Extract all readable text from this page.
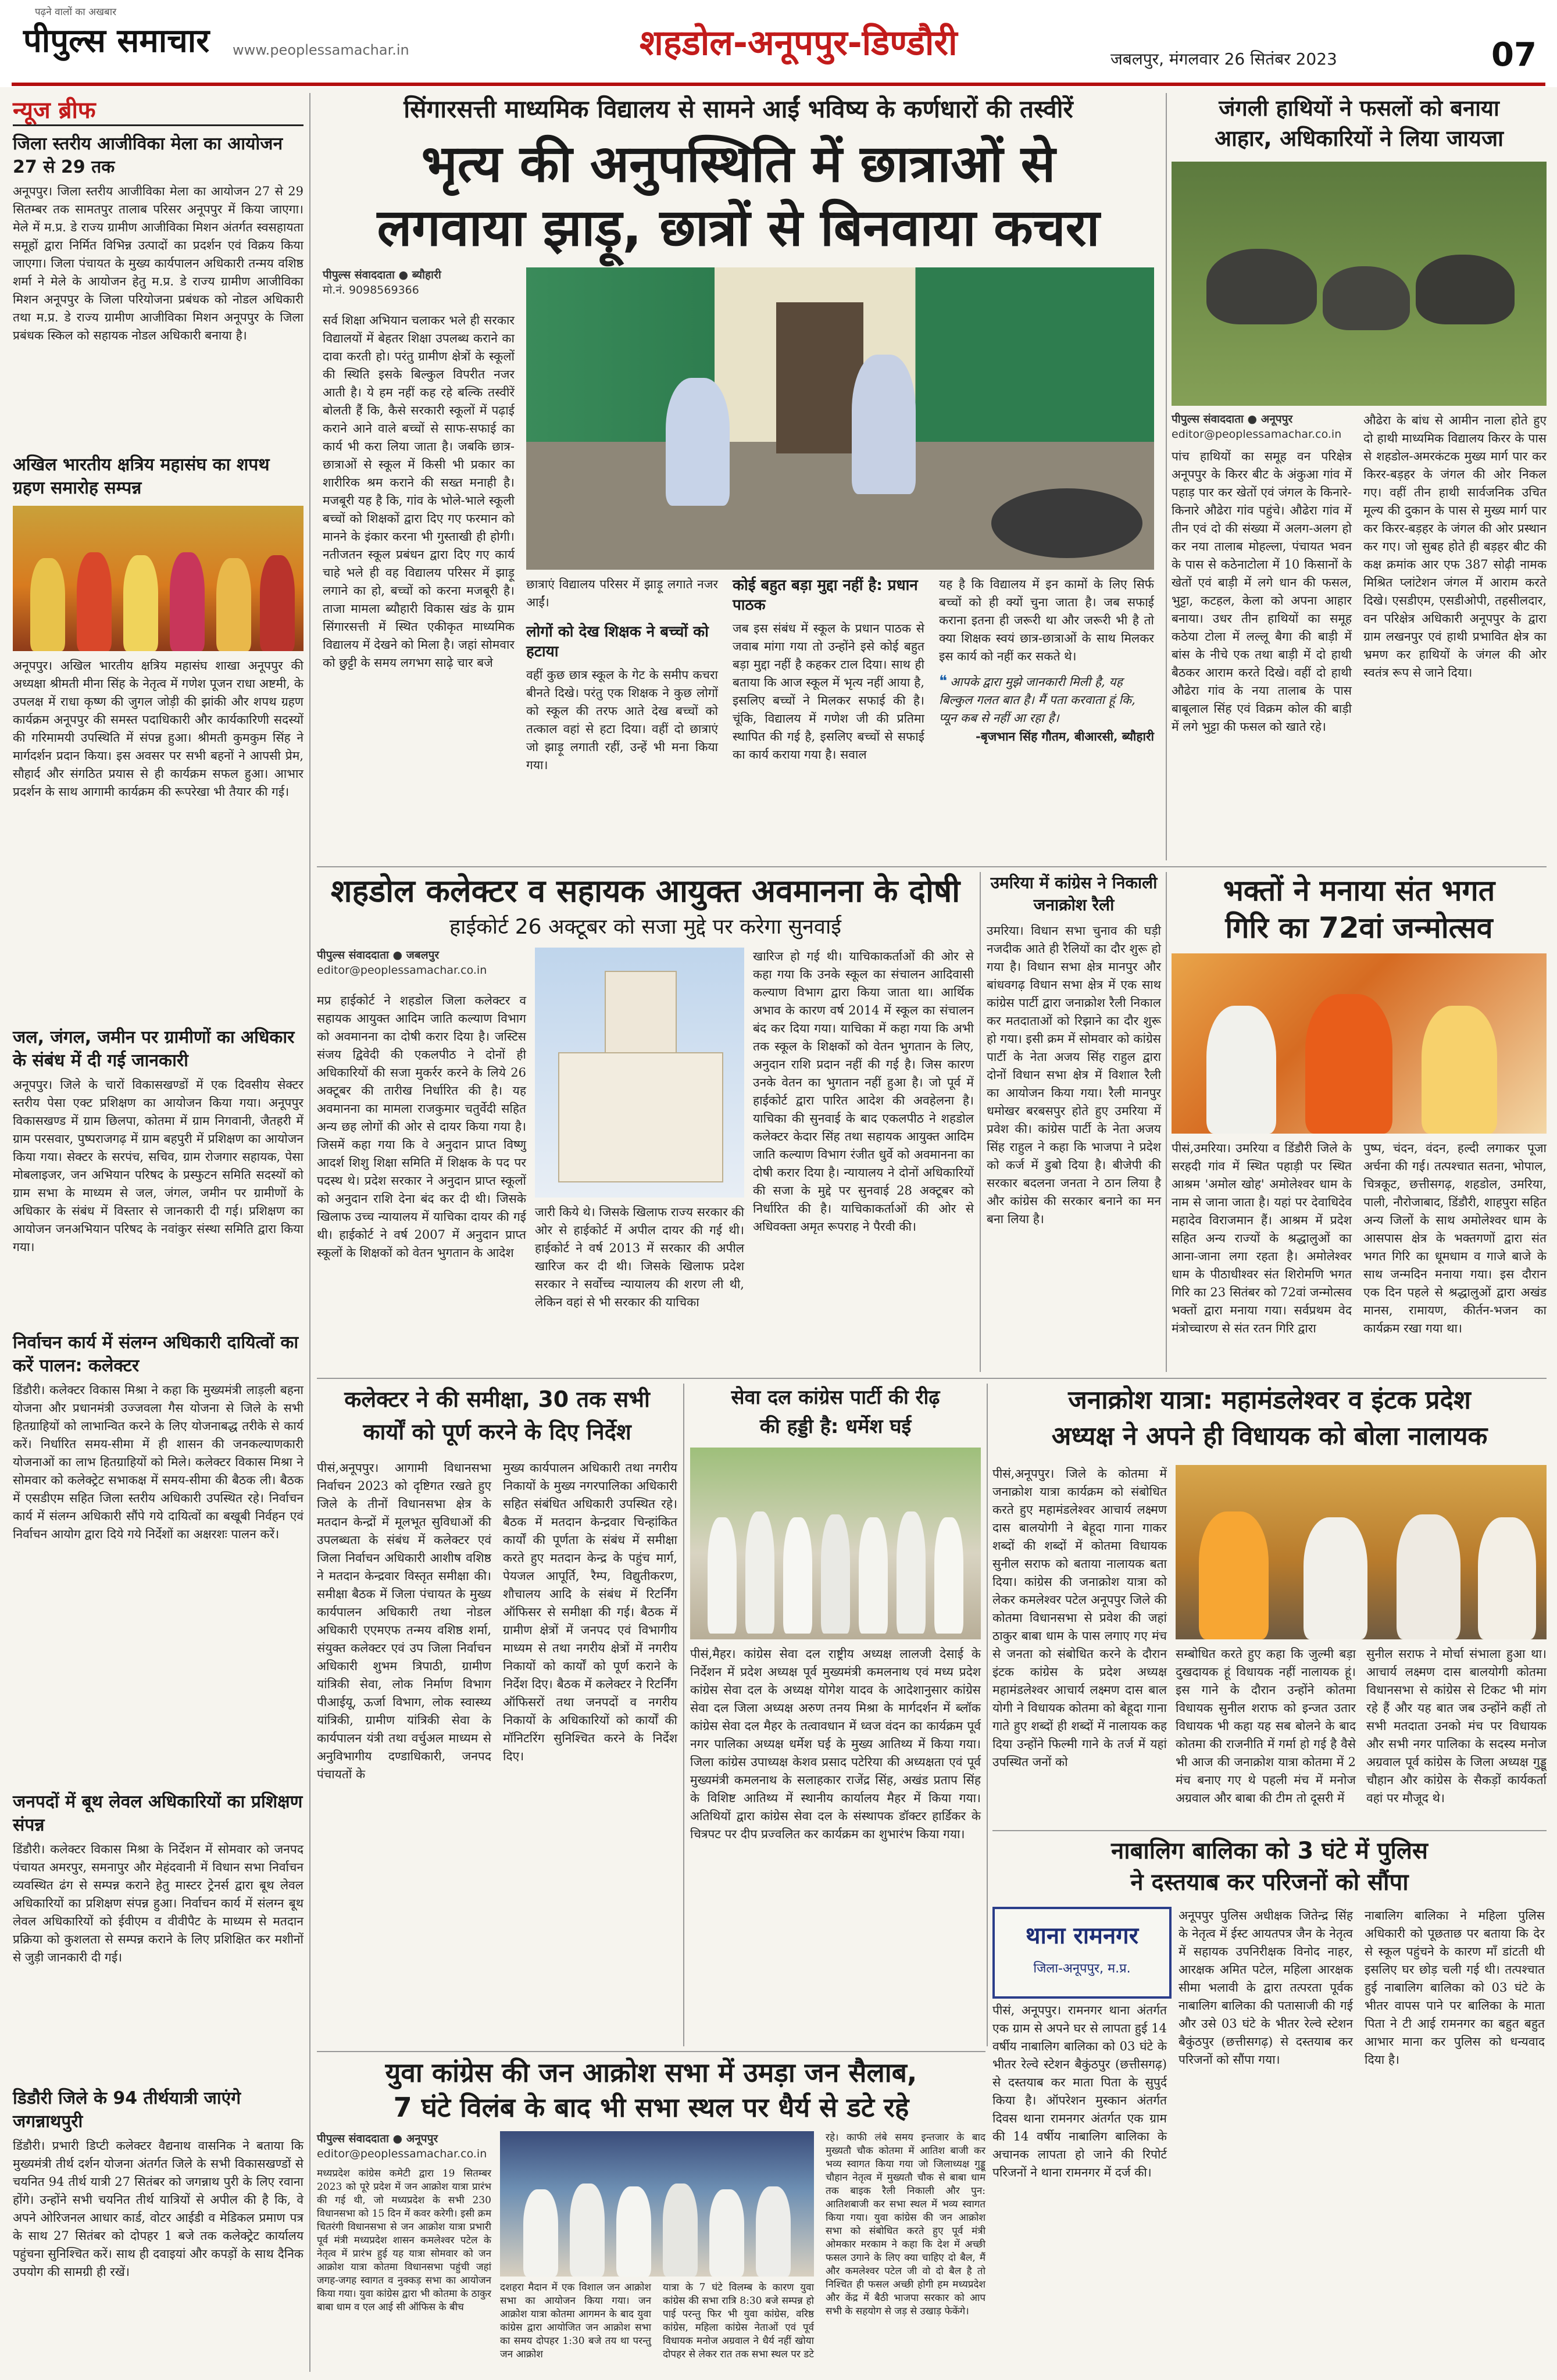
पढ़ने वालों का अखबार
पीपुल्स समाचार www.peoplessamachar.in	शहडोल-अनूपपुर-डिण्डौरी	जबलपुर, मंगलवार 26 सितंबर 2023	07
न्यूज ब्रीफ

जिला स्तरीय आजीविका मेला का आयोजन 27 से 29 तक

अनूपपुर। जिला स्तरीय आजीविका मेला का आयोजन 27 से 29 सितम्बर तक सामतपुर तालाब परिसर अनूपपुर में किया जाएगा। मेले में म.प्र. डे राज्य ग्रामीण आजीविका मिशन अंतर्गत स्वसहायता समूहों द्वारा निर्मित विभिन्न उत्पादों का प्रदर्शन एवं विक्रय किया जाएगा। जिला पंचायत के मुख्य कार्यपालन अधिकारी तन्मय वशिष्ठ शर्मा ने मेले के आयोजन हेतु म.प्र. डे राज्य ग्रामीण आजीविका मिशन अनूपपुर के जिला परियोजना प्रबंधक को नोडल अधिकारी तथा म.प्र. डे राज्य ग्रामीण आजीविका मिशन अनूपपुर के जिला प्रबंधक स्किल को सहायक नोडल अधिकारी बनाया है।

अखिल भारतीय क्षत्रिय महासंघ का शपथ ग्रहण समारोह सम्पन्न

अनूपपुर। अखिल भारतीय क्षत्रिय महासंघ शाखा अनूपपुर की अध्यक्षा श्रीमती मीना सिंह के नेतृत्व में गणेश पूजन राधा अष्टमी, के उपलक्ष में राधा कृष्ण की जुगल जोड़ी की झांकी और शपथ ग्रहण कार्यक्रम अनूपपुर की समस्त पदाधिकारी और कार्यकारिणी सदस्यों की गरिमामयी उपस्थिति में संपन्न हुआ। श्रीमती कुमकुम सिंह ने मार्गदर्शन प्रदान किया। इस अवसर पर सभी बहनों ने आपसी प्रेम, सौहार्द और संगठित प्रयास से ही कार्यक्रम सफल हुआ। आभार प्रदर्शन के साथ आगामी कार्यक्रम की रूपरेखा भी तैयार की गई।

जल, जंगल, जमीन पर ग्रामीणों का अधिकार के संबंध में दी गई जानकारी

अनूपपुर। जिले के चारों विकासखण्डों में एक दिवसीय सेक्टर स्तरीय पेसा एक्ट प्रशिक्षण का आयोजन किया गया। अनूपपुर विकासखण्ड में ग्राम छिलपा, कोतमा में ग्राम निगवानी, जैतहरी में ग्राम परसवार, पुष्पराजगढ़ में ग्राम बहपुरी में प्रशिक्षण का आयोजन किया गया। सेक्टर के सरपंच, सचिव, ग्राम रोजगार सहायक, पेसा मोबलाइजर, जन अभियान परिषद के प्रस्फुटन समिति सदस्यों को ग्राम सभा के माध्यम से जल, जंगल, जमीन पर ग्रामीणों के अधिकार के संबंध में विस्तार से जानकारी दी गई। प्रशिक्षण का आयोजन जनअभियान परिषद के नवांकुर संस्था समिति द्वारा किया गया।

निर्वाचन कार्य में संलग्न अधिकारी दायित्वों का करें पालन: कलेक्टर

डिंडौरी। कलेक्टर विकास मिश्रा ने कहा कि मुख्यमंत्री लाड़ली बहना योजना और प्रधानमंत्री उज्जवला गैस योजना से जिले के सभी हितग्राहियों को लाभान्वित करने के लिए योजनाबद्ध तरीके से कार्य करें। निर्धारित समय-सीमा में ही शासन की जनकल्याणकारी योजनाओं का लाभ हितग्राहियों को मिले। कलेक्टर विकास मिश्रा ने सोमवार को कलेक्ट्रेट सभाकक्ष में समय-सीमा की बैठक ली। बैठक में एसडीएम सहित जिला स्तरीय अधिकारी उपस्थित रहे। निर्वाचन कार्य में संलग्न अधिकारी सौंपे गये दायित्वों का बखूबी निर्वहन एवं निर्वाचन आयोग द्वारा दिये गये निर्देशों का अक्षरशः पालन करें।

जनपदों में बूथ लेवल अधिकारियों का प्रशिक्षण संपन्न

डिंडौरी। कलेक्टर विकास मिश्रा के निर्देशन में सोमवार को जनपद पंचायत अमरपुर, समनापुर और मेहंदवानी में विधान सभा निर्वाचन व्यवस्थित ढंग से सम्पन्न कराने हेतु मास्टर ट्रेनर्स द्वारा बूथ लेवल अधिकारियों का प्रशिक्षण संपन्न हुआ। निर्वाचन कार्य में संलग्न बूथ लेवल अधिकारियों को ईवीएम व वीवीपैट के माध्यम से मतदान प्रक्रिया को कुशलता से सम्पन्न कराने के लिए प्रशिक्षित कर मशीनों से जुड़ी जानकारी दी गई।

डिडौरी जिले के 94 तीर्थयात्री जाएंगे जगन्नाथपुरी

डिंडौरी। प्रभारी डिप्टी कलेक्टर वैद्यनाथ वासनिक ने बताया कि मुख्यमंत्री तीर्थ दर्शन योजना अंतर्गत जिले के सभी विकासखण्डों से चयनित 94 तीर्थ यात्री 27 सितंबर को जगन्नाथ पुरी के लिए रवाना होंगे। उन्होंने सभी चयनित तीर्थ यात्रियों से अपील की है कि, वे अपने ओरिजनल आधार कार्ड, वोटर आईडी व मेडिकल प्रमाण पत्र के साथ 27 सितंबर को दोपहर 1 बजे तक कलेक्ट्रेट कार्यालय पहुंचना सुनिश्चित करें। साथ ही दवाइयां और कपड़ों के साथ दैनिक उपयोग की सामग्री ही रखें।

सिंगारसत्ती माध्यमिक विद्यालय से सामने आईं भविष्य के कर्णधारों की तस्वीरें

भृत्य की अनुपस्थिति में छात्राओं से

लगवाया झाड़ू, छात्रों से बिनवाया कचरा

पीपुल्स संवाददाता ● ब्यौहारी
मो.नं. 9098569366

सर्व शिक्षा अभियान चलाकर भले ही सरकार विद्यालयों में बेहतर शिक्षा उपलब्ध कराने का दावा करती हो। परंतु ग्रामीण क्षेत्रों के स्कूलों की स्थिति इसके बिल्कुल विपरीत नजर आती है। ये हम नहीं कह रहे बल्कि तस्वीरें बोलती हैं कि, कैसे सरकारी स्कूलों में पढ़ाई कराने आने वाले बच्चों से साफ-सफाई का कार्य भी करा लिया जाता है। जबकि छात्र-छात्राओं से स्कूल में किसी भी प्रकार का शारीरिक श्रम कराने की सख्त मनाही है। मजबूरी यह है कि, गांव के भोले-भाले स्कूली बच्चों को शिक्षकों द्वारा दिए गए फरमान को मानने के इंकार करना भी गुस्ताखी ही होगी। नतीजतन स्कूल प्रबंधन द्वारा दिए गए कार्य चाहे भले ही वह विद्यालय परिसर में झाड़ू लगाने का हो, बच्चों को करना मजबूरी है। ताजा मामला ब्यौहारी विकास खंड के ग्राम सिंगारसत्ती में स्थित एकीकृत माध्यमिक विद्यालय में देखने को मिला है। जहां सोमवार को छुट्टी के समय लगभग साढ़े चार बजे

छात्राएं विद्यालय परिसर में झाड़ू लगाते नजर आईं।

लोगों को देख शिक्षक ने बच्चों को हटाया

वहीं कुछ छात्र स्कूल के गेट के समीप कचरा बीनते दिखे। परंतु एक शिक्षक ने कुछ लोगों को स्कूल की तरफ आते देख बच्चों को तत्काल वहां से हटा दिया। वहीं दो छात्राएं जो झाड़ू लगाती रहीं, उन्हें भी मना किया गया।

कोई बहुत बड़ा मुद्दा नहीं है: प्रधान पाठक

जब इस संबंध में स्कूल के प्रधान पाठक से जवाब मांगा गया तो उन्होंने इसे कोई बहुत बड़ा मुद्दा नहीं है कहकर टाल दिया। साथ ही बताया कि आज स्कूल में भृत्य नहीं आया है, इसलिए बच्चों ने मिलकर सफाई की है। चूंकि, विद्यालय में गणेश जी की प्रतिमा स्थापित की गई है, इसलिए बच्चों से सफाई का कार्य कराया गया है। सवाल

यह है कि विद्यालय में इन कामों के लिए सिर्फ बच्चों को ही क्यों चुना जाता है। जब सफाई कराना इतना ही जरूरी था और जरूरी भी है तो क्या शिक्षक स्वयं छात्र-छात्राओं के साथ मिलकर इस कार्य को नहीं कर सकते थे।

❝ आपके द्वारा मुझे जानकारी मिली है, यह बिल्कुल गलत बात है। मैं पता करवाता हूं कि, प्यून कब से नहीं आ रहा है।

-बृजभान सिंह गौतम, बीआरसी, ब्यौहारी

जंगली हाथियों ने फसलों को बनाया

आहार, अधिकारियों ने लिया जायजा

पीपुल्स संवाददाता ● अनूपपुर
editor@peoplessamachar.co.in

पांच हाथियों का समूह वन परिक्षेत्र अनूपपुर के किरर बीट के अंकुआ गांव में पहाड़ पार कर खेतों एवं जंगल के किनारे-किनारे औढेरा गांव पहुंचे। औढेरा गांव में तीन एवं दो की संख्या में अलग-अलग हो कर नया तालाब मोहल्ला, पंचायत भवन के पास से कठेनाटोला में 10 किसानों के खेतों एवं बाड़ी में लगे धान की फसल, भुट्टा, कटहल, केला को अपना आहार बनाया। उधर तीन हाथियों का समूह कठेया टोला में लल्लू बैगा की बाड़ी में बांस के नीचे एक तथा बाड़ी में दो हाथी बैठकर आराम करते दिखे। वहीं दो हाथी औढेरा गांव के नया तालाब के पास बाबूलाल सिंह एवं विक्रम कोल की बाड़ी में लगे भुट्टा की फसल को खाते रहे।

औढेरा के बांध से आमीन नाला होते हुए दो हाथी माध्यमिक विद्यालय किरर के पास से शहडोल-अमरकंटक मुख्य मार्ग पार कर किरर-बड़हर के जंगल की ओर निकल गए। वहीं तीन हाथी सार्वजनिक उचित मूल्य की दुकान के पास से मुख्य मार्ग पार कर किरर-बड़हर के जंगल की ओर प्रस्थान कर गए। जो सुबह होते ही बड़हर बीट की कक्ष क्रमांक आर एफ 387 सोढ़ी नामक मिश्रित प्लांटेशन जंगल में आराम करते दिखे। एसडीएम, एसडीओपी, तहसीलदार, वन परिक्षेत्र अधिकारी अनूपपुर के द्वारा ग्राम लखनपुर एवं हाथी प्रभावित क्षेत्र का भ्रमण कर हाथियों के जंगल की ओर स्वतंत्र रूप से जाने दिया।

शहडोल कलेक्टर व सहायक आयुक्त अवमानना के दोषी

हाईकोर्ट 26 अक्टूबर को सजा मुद्दे पर करेगा सुनवाई

पीपुल्स संवाददाता ● जबलपुर
editor@peoplessamachar.co.in

मप्र हाईकोर्ट ने शहडोल जिला कलेक्टर व सहायक आयुक्त आदिम जाति कल्याण विभाग को अवमानना का दोषी करार दिया है। जस्टिस संजय द्विवेदी की एकलपीठ ने दोनों ही अधिकारियों की सजा मुकर्रर करने के लिये 26 अक्टूबर की तारीख निर्धारित की है। यह अवमानना का मामला राजकुमार चतुर्वेदी सहित अन्य छह लोगों की ओर से दायर किया गया है। जिसमें कहा गया कि वे अनुदान प्राप्त विष्णु आदर्श शिशु शिक्षा समिति में शिक्षक के पद पर पदस्थ थे। प्रदेश सरकार ने अनुदान प्राप्त स्कूलों को अनुदान राशि देना बंद कर दी थी। जिसके खिलाफ उच्च न्यायालय में याचिका दायर की गई थी। हाईकोर्ट ने वर्ष 2007 में अनुदान प्राप्त स्कूलों के शिक्षकों को वेतन भुगतान के आदेश

जारी किये थे। जिसके खिलाफ राज्य सरकार की ओर से हाईकोर्ट में अपील दायर की गई थी। हाईकोर्ट ने वर्ष 2013 में सरकार की अपील खारिज कर दी थी। जिसके खिलाफ प्रदेश सरकार ने सर्वोच्च न्यायालय की शरण ली थी, लेकिन वहां से भी सरकार की याचिका

खारिज हो गई थी। याचिकाकर्ताओं की ओर से कहा गया कि उनके स्कूल का संचालन आदिवासी कल्याण विभाग द्वारा किया जाता था। आर्थिक अभाव के कारण वर्ष 2014 में स्कूल का संचालन बंद कर दिया गया। याचिका में कहा गया कि अभी तक स्कूल के शिक्षकों को वेतन भुगतान के लिए, अनुदान राशि प्रदान नहीं की गई है। जिस कारण उनके वेतन का भुगतान नहीं हुआ है। जो पूर्व में हाईकोर्ट द्वारा पारित आदेश की अवहेलना है। याचिका की सुनवाई के बाद एकलपीठ ने शहडोल कलेक्टर केदार सिंह तथा सहायक आयुक्त आदिम जाति कल्याण विभाग रंजीत धुर्वे को अवमानना का दोषी करार दिया है। न्यायालय ने दोनों अधिकारियों की सजा के मुद्दे पर सुनवाई 28 अक्टूबर को निर्धारित की है। याचिकाकर्ताओं की ओर से अधिवक्ता अमृत रूपराह ने पैरवी की।

उमरिया में कांग्रेस ने निकाली जनाक्रोश रैली

उमरिया। विधान सभा चुनाव की घड़ी नजदीक आते ही रैलियों का दौर शुरू हो गया है। विधान सभा क्षेत्र मानपुर और बांधवगढ़ विधान सभा क्षेत्र में एक साथ कांग्रेस पार्टी द्वारा जनाक्रोश रैली निकाल कर मतदाताओं को रिझाने का दौर शुरू हो गया। इसी क्रम में सोमवार को कांग्रेस पार्टी के नेता अजय सिंह राहुल द्वारा दोनों विधान सभा क्षेत्र में विशाल रैली का आयोजन किया गया। रैली मानपुर धमोखर बरबसपुर होते हुए उमरिया में प्रवेश की। कांग्रेस पार्टी के नेता अजय सिंह राहुल ने कहा कि भाजपा ने प्रदेश को कर्ज में डुबो दिया है। बीजेपी की सरकार बदलना जनता ने ठान लिया है और कांग्रेस की सरकार बनाने का मन बना लिया है।

भक्तों ने मनाया संत भगत

गिरि का 72वां जन्मोत्सव

पीसं,उमरिया। उमरिया व डिंडौरी जिले के सरहदी गांव में स्थित पहाड़ी पर स्थित आश्रम 'अमोल खोह' अमोलेश्वर धाम के नाम से जाना जाता है। यहां पर देवाधिदेव महादेव विराजमान हैं। आश्रम में प्रदेश सहित अन्य राज्यों के श्रद्धालुओं का आना-जाना लगा रहता है। अमोलेश्वर धाम के पीठाधीश्वर संत शिरोमणि भगत गिरि का 23 सितंबर को 72वां जन्मोत्सव भक्तों द्वारा मनाया गया। सर्वप्रथम वेद मंत्रोच्चारण से संत रतन गिरि द्वारा

पुष्प, चंदन, वंदन, हल्दी लगाकर पूजा अर्चना की गई। तत्पश्चात सतना, भोपाल, चित्रकूट, छत्तीसगढ़, शहडोल, उमरिया, पाली, नौरोजाबाद, डिंडौरी, शाहपुरा सहित अन्य जिलों के साथ अमोलेश्वर धाम के आसपास क्षेत्र के भक्तगणों द्वारा संत भगत गिरि का धूमधाम व गाजे बाजे के साथ जन्मदिन मनाया गया। इस दौरान एक दिन पहले से श्रद्धालुओं द्वारा अखंड मानस, रामायण, कीर्तन-भजन का कार्यक्रम रखा गया था।

कलेक्टर ने की समीक्षा, 30 तक सभी

कार्यों को पूर्ण करने के दिए निर्देश

पीसं,अनूपपुर। आगामी विधानसभा निर्वाचन 2023 को दृष्टिगत रखते हुए जिले के तीनों विधानसभा क्षेत्र के मतदान केन्द्रों में मूलभूत सुविधाओं की उपलब्धता के संबंध में कलेक्टर एवं जिला निर्वाचन अधिकारी आशीष वशिष्ठ ने मतदान केन्द्रवार विस्तृत समीक्षा की। समीक्षा बैठक में जिला पंचायत के मुख्य कार्यपालन अधिकारी तथा नोडल अधिकारी एएमएफ तन्मय वशिष्ठ शर्मा, संयुक्त कलेक्टर एवं उप जिला निर्वाचन अधिकारी शुभम त्रिपाठी, ग्रामीण यांत्रिकी सेवा, लोक निर्माण विभाग पीआईयू, ऊर्जा विभाग, लोक स्वास्थ्य यांत्रिकी, ग्रामीण यांत्रिकी सेवा के कार्यपालन यंत्री तथा वर्चुअल माध्यम से अनुविभागीय दण्डाधिकारी, जनपद पंचायतों के

मुख्य कार्यपालन अधिकारी तथा नगरीय निकायों के मुख्य नगरपालिका अधिकारी सहित संबंधित अधिकारी उपस्थित रहे। बैठक में मतदान केन्द्रवार चिन्हांकित कार्यों की पूर्णता के संबंध में समीक्षा करते हुए मतदान केन्द्र के पहुंच मार्ग, पेयजल आपूर्ति, रैम्प, विद्युतीकरण, शौचालय आदि के संबंध में रिटर्निंग ऑफिसर से समीक्षा की गई। बैठक में ग्रामीण क्षेत्रों में जनपद एवं विभागीय माध्यम से तथा नगरीय क्षेत्रों में नगरीय निकायों को कार्यों को पूर्ण कराने के निर्देश दिए। बैठक में कलेक्टर ने रिटर्निंग ऑफिसरों तथा जनपदों व नगरीय निकायों के अधिकारियों को कार्यों की मॉनिटरिंग सुनिश्चित करने के निर्देश दिए।

सेवा दल कांग्रेस पार्टी की रीढ़

की हड्डी है: धर्मेश घई

पीसं,मैहर। कांग्रेस सेवा दल राष्ट्रीय अध्यक्ष लालजी देसाई के निर्देशन में प्रदेश अध्यक्ष पूर्व मुख्यमंत्री कमलनाथ एवं मध्य प्रदेश कांग्रेस सेवा दल के अध्यक्ष योगेश यादव के आदेशानुसार कांग्रेस सेवा दल जिला अध्यक्ष अरुण तनय मिश्रा के मार्गदर्शन में ब्लॉक कांग्रेस सेवा दल मैहर के तत्वावधान में ध्वज वंदन का कार्यक्रम पूर्व नगर पालिका अध्यक्ष धर्मेश घई के मुख्य आतिथ्य में किया गया। जिला कांग्रेस उपाध्यक्ष केशव प्रसाद पटेरिया की अध्यक्षता एवं पूर्व मुख्यमंत्री कमलनाथ के सलाहकार राजेंद्र सिंह, अखंड प्रताप सिंह के विशिष्ट आतिथ्य में स्थानीय कार्यालय मैहर में किया गया। अतिथियों द्वारा कांग्रेस सेवा दल के संस्थापक डॉक्टर हार्डिकर के चित्रपट पर दीप प्रज्वलित कर कार्यक्रम का शुभारंभ किया गया।

जनाक्रोश यात्रा: महामंडलेश्वर व इंटक प्रदेश

अध्यक्ष ने अपने ही विधायक को बोला नालायक

पीसं,अनूपपुर। जिले के कोतमा में जनाक्रोश यात्रा कार्यक्रम को संबोधित करते हुए महामंडलेश्वर आचार्य लक्ष्मण दास बालयोगी ने बेहूदा गाना गाकर शब्दों की शब्दों में कोतमा विधायक सुनील सराफ को बताया नालायक बता दिया। कांग्रेस की जनाक्रोश यात्रा को लेकर कमलेश्वर पटेल अनूपपुर जिले की कोतमा विधानसभा से प्रवेश की जहां ठाकुर बाबा धाम के पास लगाए गए मंच से जनता को संबोधित करने के दौरान इंटक कांग्रेस के प्रदेश अध्यक्ष महामंडलेश्वर आचार्य लक्ष्मण दास बाल योगी ने विधायक कोतमा को बेहूदा गाना गाते हुए शब्दों ही शब्दों में नालायक कह दिया उन्होंने फिल्मी गाने के तर्ज में यहां उपस्थित जनों को

सम्बोधित करते हुए कहा कि जुल्मी बड़ा दुखदायक हूं विधायक नहीं नालायक हूं। इस गाने के दौरान उन्होंने कोतमा विधायक सुनील शराफ को इन्जत उतार विधायक भी कहा यह सब बोलने के बाद कोतमा की राजनीति में गर्मा हो गई है वैसे भी आज की जनाक्रोश यात्रा कोतमा में 2 मंच बनाए गए थे पहली मंच में मनोज अग्रवाल और बाबा की टीम तो दूसरी में

सुनील सराफ ने मोर्चा संभाला हुआ था। आचार्य लक्ष्मण दास बालयोगी कोतमा विधानसभा से कांग्रेस से टिकट भी मांग रहे हैं और यह बात जब उन्होंने कहीं तो सभी मतदाता उनको मंच पर विधायक और सभी नगर पालिका के सदस्य मनोज अग्रवाल पूर्व कांग्रेस के जिला अध्यक्ष गुड्डू चौहान और कांग्रेस के सैकड़ों कार्यकर्ता वहां पर मौजूद थे।

नाबालिग बालिका को 3 घंटे में पुलिस

ने दस्तयाब कर परिजनों को सौंपा

थाना रामनगर
जिला-अनूपपुर, म.प्र.

पीसं, अनूपपुर। रामनगर थाना अंतर्गत एक ग्राम से अपने घर से लापता हुई 14 वर्षीय नाबालिग बालिका को 03 घंटे के भीतर रेल्वे स्टेशन बैकुंठपुर (छत्तीसगढ़) से दस्तयाब कर माता पिता के सुपुर्द किया है। ऑपरेशन मुस्कान अंतर्गत दिवस थाना रामनगर अंतर्गत एक ग्राम की 14 वर्षीय नाबालिग बालिका के अचानक लापता हो जाने की रिपोर्ट परिजनों ने थाना रामनगर में दर्ज की।

अनूपपुर पुलिस अधीक्षक जितेन्द्र सिंह के नेतृत्व में ईस्ट आयतपत्र जैन के नेतृत्व में सहायक उपनिरीक्षक विनोद नाहर, आरक्षक अमित पटेल, महिला आरक्षक सीमा भलावी के द्वारा तत्परता पूर्वक नाबालिग बालिका की पतासाजी की गई और उसे 03 घंटे के भीतर रेल्वे स्टेशन बैकुंठपुर (छत्तीसगढ़) से दस्तयाब कर परिजनों को सौंपा गया।

नाबालिग बालिका ने महिला पुलिस अधिकारी को पूछताछ पर बताया कि देर से स्कूल पहुंचने के कारण माँ डांटती थी इसलिए घर छोड़ चली गई थी। तत्पश्चात हुई नाबालिग बालिका को 03 घंटे के भीतर वापस पाने पर बालिका के माता पिता ने टी आई रामनगर का बहुत बहुत आभार माना कर पुलिस को धन्यवाद दिया है।

युवा कांग्रेस की जन आक्रोश सभा में उमड़ा जन सैलाब,

7 घंटे विलंब के बाद भी सभा स्थल पर धैर्य से डटे रहे

पीपुल्स संवाददाता ● अनूपपुर
editor@peoplessamachar.co.in

मध्यप्रदेश कांग्रेस कमेटी द्वारा 19 सितम्बर 2023 को पूरे प्रदेश में जन आक्रोश यात्रा प्रारंभ की गई थी, जो मध्यप्रदेश के सभी 230 विधानसभा को 15 दिन में कवर करेगी। इसी क्रम चितरंगी विधानसभा से जन आक्रोश यात्रा प्रभारी पूर्व मंत्री मध्यप्रदेश शासन कमलेश्वर पटेल के नेतृत्व में प्रारंभ हुई यह यात्रा सोमवार को जन आक्रोश यात्रा कोतमा विधानसभा पहुंची जहां जगह-जगह स्वागत व नुक्कड़ सभा का आयोजन किया गया। युवा कांग्रेस द्वारा भी कोतमा के ठाकुर बाबा धाम व एल आई सी ऑफिस के बीच

दशहरा मैदान में एक विशाल जन आक्रोश सभा का आयोजन किया गया। जन आक्रोश यात्रा कोतमा आगमन के बाद युवा कांग्रेस द्वारा आयोजित जन आक्रोश सभा का समय दोपहर 1:30 बजे तय था परन्तु जन आक्रोश

यात्रा के 7 घंटे विलम्ब के कारण युवा कांग्रेस की सभा रात्रि 8:30 बजे सम्पन्न हो पाई परन्तु फिर भी युवा कांग्रेस, वरिष्ठ कांग्रेस, महिला कांग्रेस नेताओं एवं पूर्व विधायक मनोज अग्रवाल ने धैर्य नहीं खोया दोपहर से लेकर रात तक सभा स्थल पर डटे

रहे। काफी लंबे समय इन्तजार के बाद मुख्यतौ चौक कोतमा में आतिश बाजी कर भव्य स्वागत किया गया जो जिलाध्यक्ष गुड्डू चौहान नेतृत्व में मुख्यतौ चौक से बाबा धाम तक बाइक रैली निकाली और पुन: आतिशबाजी कर सभा स्थल में भव्य स्वागत किया गया। युवा कांग्रेस की जन आक्रोश सभा को संबोधित करते हुए पूर्व मंत्री ओमकार मरकाम ने कहा कि देश में अच्छी फसल उगाने के लिए क्या चाहिए दो बैल, मैं और कमलेश्वर पटेल जी वो दो बैल है तो निश्चित ही फसल अच्छी होगी हम मध्यप्रदेश और केंद्र में बैठी भाजपा सरकार को आप सभी के सहयोग से जड़ से उखाड़ फेकेंगे।
